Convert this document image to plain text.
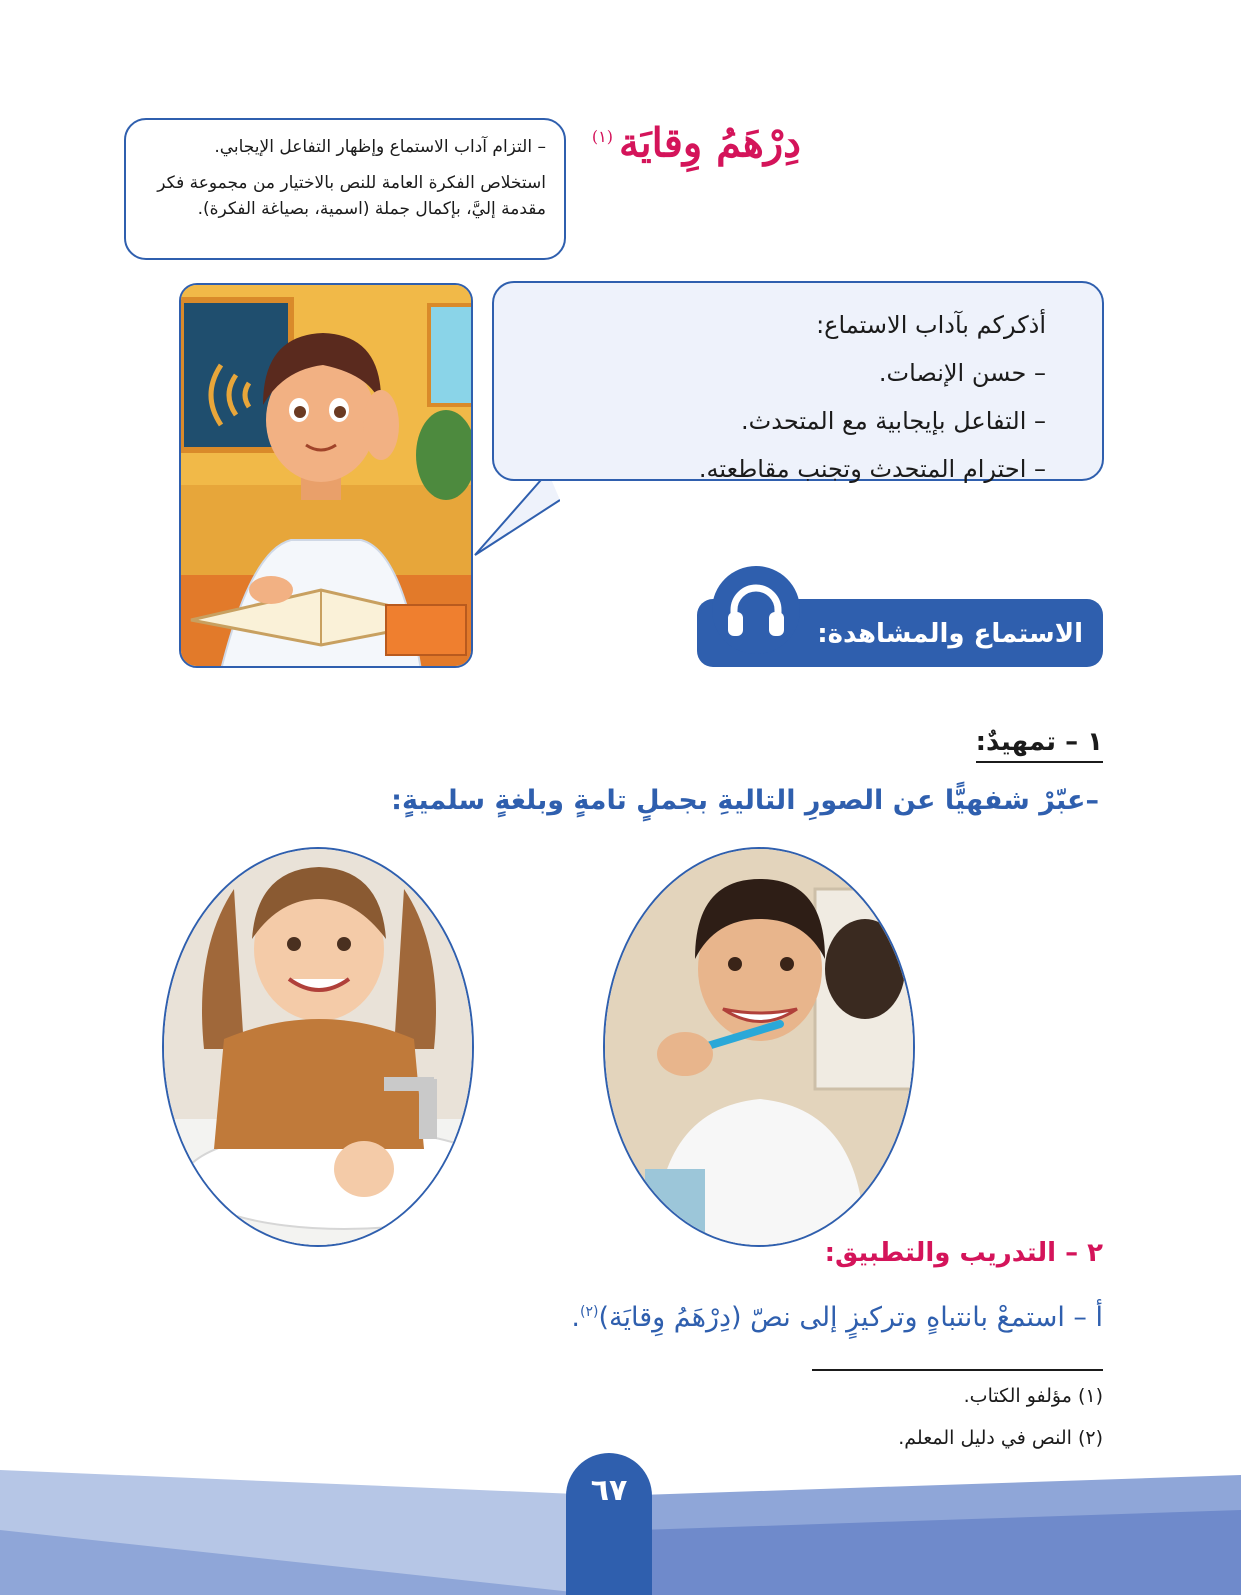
دِرْهَمُ وِقايَة$^{(١)}$

– التزام آداب الاستماع وإظهار التفاعل الإيجابي.

استخلاص الفكرة العامة للنص بالاختيار من مجموعة فكر مقدمة إليَّ، بإكمال جملة (اسمية، بصياغة الفكرة).

أذكركم بآداب الاستماع:
– حسن الإنصات.
– التفاعل بإيجابية مع المتحدث.
– احترام المتحدث وتجنب مقاطعته.
الاستماع والمشاهدة:
١ – تمهيدٌ:
–عبّرْ شفهيًّا عن الصورِ التاليةِ بجملٍ تامةٍ وبلغةٍ سلميةٍ:
٢ – التدريب والتطبيق:
أ – استمعْ بانتباهٍ وتركيزٍ إلى نصّ (دِرْهَمُ وِقايَة)$^{(٢)}$.
(١) مؤلفو الكتاب.
(٢) النص في دليل المعلم.
٦٧
